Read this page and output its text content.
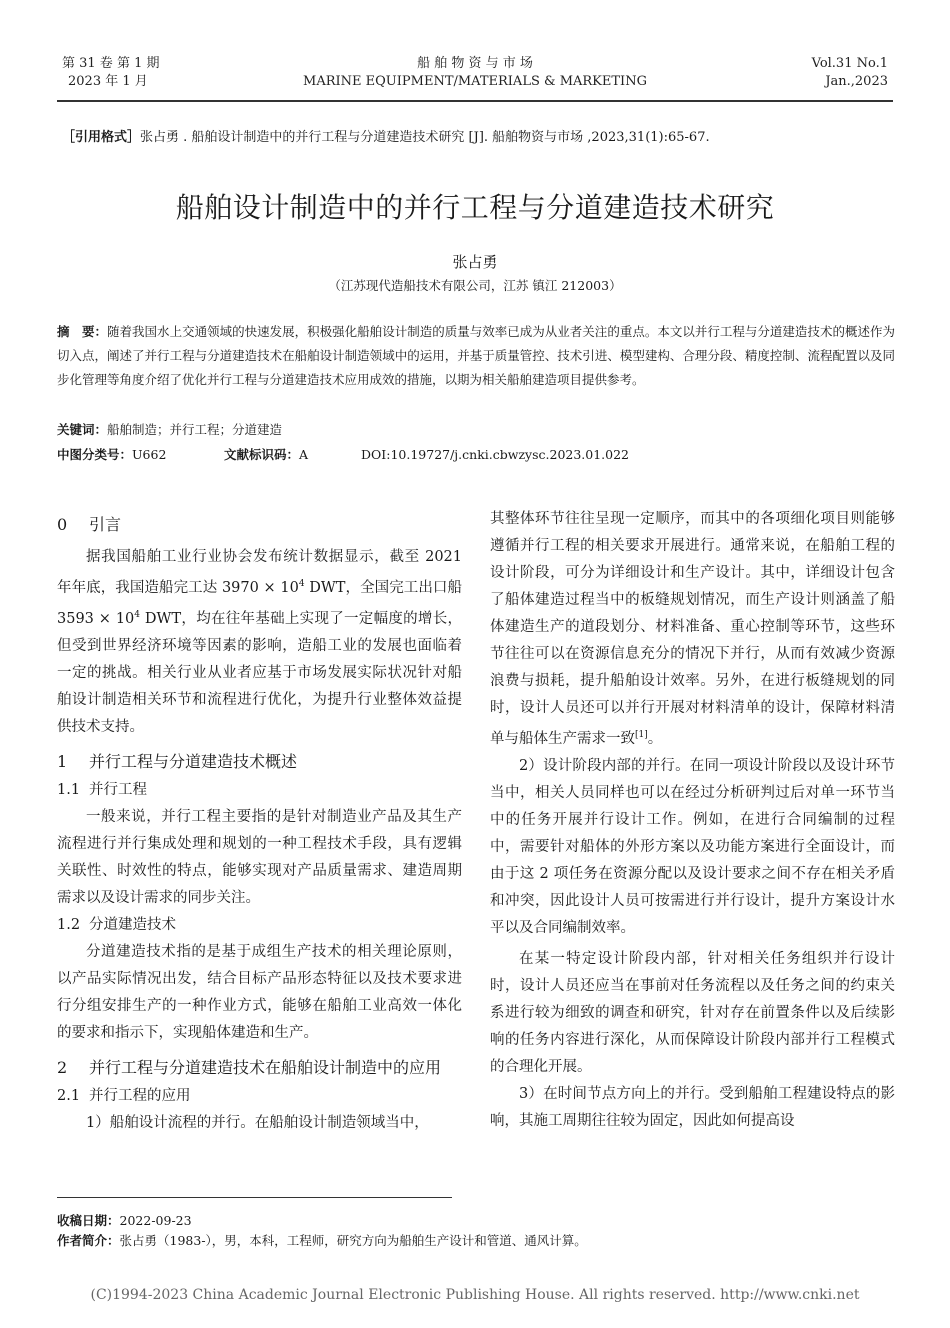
第 31 卷 第 1 期
2023 年 1 月
船 舶 物 资 与 市 场
MARINE EQUIPMENT/MATERIALS & MARKETING
Vol.31 No.1
Jan.,2023
［引用格式］张占勇 . 船舶设计制造中的并行工程与分道建造技术研究 [J]. 船舶物资与市场 ,2023,31(1):65-67.
船舶设计制造中的并行工程与分道建造技术研究
张占勇
（江苏现代造船技术有限公司，江苏 镇江 212003）
摘　要：随着我国水上交通领域的快速发展，积极强化船舶设计制造的质量与效率已成为从业者关注的重点。本文以并行工程与分道建造技术的概述作为切入点，阐述了并行工程与分道建造技术在船舶设计制造领域中的运用，并基于质量管控、技术引进、模型建构、合理分段、精度控制、流程配置以及同步化管理等角度介绍了优化并行工程与分道建造技术应用成效的措施，以期为相关船舶建造项目提供参考。
关键词：船舶制造；并行工程；分道建造
中图分类号：U662	文献标识码：A	DOI:10.19727/j.cnki.cbwzysc.2023.01.022
0 引言

据我国船舶工业行业协会发布统计数据显示，截至 2021 年年底，我国造船完工达 $3970 \times 10^4$ DWT，全国完工出口船 $3593 \times 10^4$ DWT，均在往年基础上实现了一定幅度的增长，但受到世界经济环境等因素的影响，造船工业的发展也面临着一定的挑战。相关行业从业者应基于市场发展实际状况针对船舶设计制造相关环节和流程进行优化，为提升行业整体效益提供技术支持。

1 并行工程与分道建造技术概述
1.1 并行工程

一般来说，并行工程主要指的是针对制造业产品及其生产流程进行并行集成处理和规划的一种工程技术手段，具有逻辑关联性、时效性的特点，能够实现对产品质量需求、建造周期需求以及设计需求的同步关注。

1.2 分道建造技术

分道建造技术指的是基于成组生产技术的相关理论原则，以产品实际情况出发，结合目标产品形态特征以及技术要求进行分组安排生产的一种作业方式，能够在船舶工业高效一体化的要求和指示下，实现船体建造和生产。

2 并行工程与分道建造技术在船舶设计制造中的应用
2.1 并行工程的应用

1）船舶设计流程的并行。在船舶设计制造领域当中，

其整体环节往往呈现一定顺序，而其中的各项细化项目则能够遵循并行工程的相关要求开展进行。通常来说，在船舶工程的设计阶段，可分为详细设计和生产设计。其中，详细设计包含了船体建造过程当中的板缝规划情况，而生产设计则涵盖了船体建造生产的道段划分、材料准备、重心控制等环节，这些环节往往可以在资源信息充分的情况下并行，从而有效减少资源浪费与损耗，提升船舶设计效率。另外，在进行板缝规划的同时，设计人员还可以并行开展对材料清单的设计，保障材料清单与船体生产需求一致[1]。

2）设计阶段内部的并行。在同一项设计阶段以及设计环节当中，相关人员同样也可以在经过分析研判过后对单一环节当中的任务开展并行设计工作。例如，在进行合同编制的过程中，需要针对船体的外形方案以及功能方案进行全面设计，而由于这 2 项任务在资源分配以及设计要求之间不存在相关矛盾和冲突，因此设计人员可按需进行并行设计，提升方案设计水平以及合同编制效率。

在某一特定设计阶段内部，针对相关任务组织并行设计时，设计人员还应当在事前对任务流程以及任务之间的约束关系进行较为细致的调查和研究，针对存在前置条件以及后续影响的任务内容进行深化，从而保障设计阶段内部并行工程模式的合理化开展。

3）在时间节点方向上的并行。受到船舶工程建设特点的影响，其施工周期往往较为固定，因此如何提高设

收稿日期：2022-09-23
作者简介：张占勇（1983-），男，本科，工程师，研究方向为船舶生产设计和管道、通风计算。
(C)1994-2023 China Academic Journal Electronic Publishing House. All rights reserved. http://www.cnki.net
